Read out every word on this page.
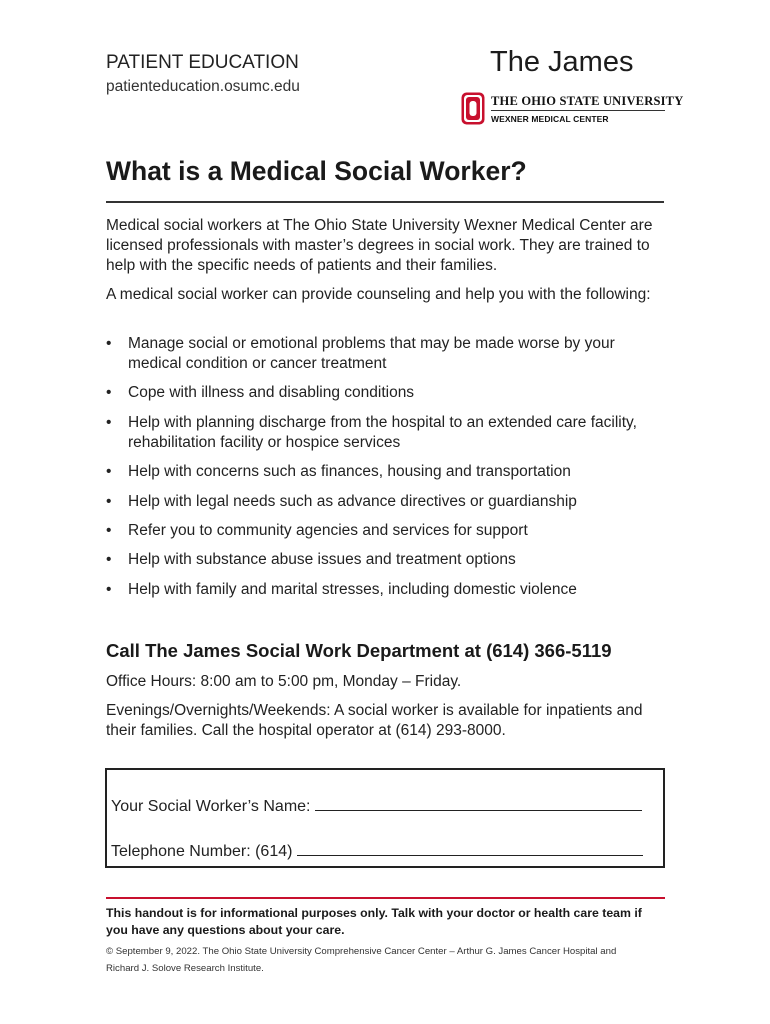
PATIENT EDUCATION
patienteducation.osumc.edu
The James
THE OHIO STATE UNIVERSITY
WEXNER MEDICAL CENTER
What is a Medical Social Worker?
Medical social workers at The Ohio State University Wexner Medical Center are licensed professionals with master’s degrees in social work. They are trained to help with the specific needs of patients and their families.
A medical social worker can provide counseling and help you with the following:
• Manage social or emotional problems that may be made worse by your medical condition or cancer treatment
• Cope with illness and disabling conditions
• Help with planning discharge from the hospital to an extended care facility, rehabilitation facility or hospice services
• Help with concerns such as finances, housing and transportation
• Help with legal needs such as advance directives or guardianship
• Refer you to community agencies and services for support
• Help with substance abuse issues and treatment options
• Help with family and marital stresses, including domestic violence
Call The James Social Work Department at (614) 366-5119
Office Hours: 8:00 am to 5:00 pm, Monday – Friday.
Evenings/Overnights/Weekends: A social worker is available for inpatients and their families. Call the hospital operator at (614) 293-8000.
Your Social Worker’s Name:
Telephone Number: (614)
This handout is for informational purposes only. Talk with your doctor or health care team if you have any questions about your care.
© September 9, 2022. The Ohio State University Comprehensive Cancer Center – Arthur G. James Cancer Hospital and Richard J. Solove Research Institute.
